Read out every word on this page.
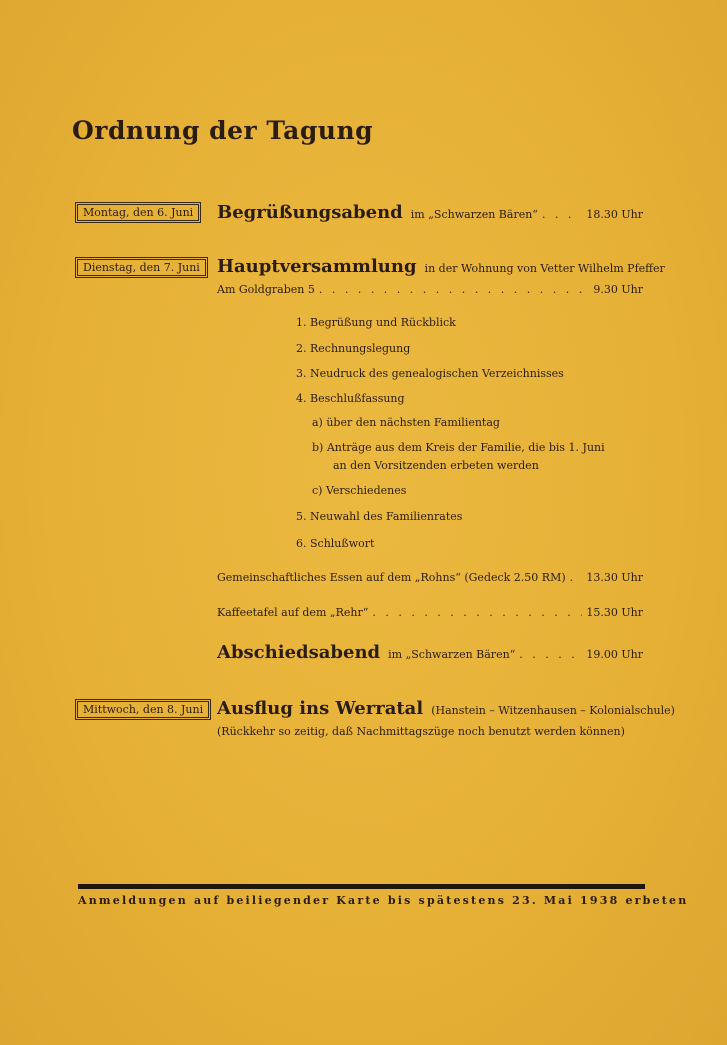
Ordnung der Tagung
Montag, den 6. Juni	Begrüßungsabend im „Schwarzen Bären“ . . .	18.30 Uhr
Dienstag, den 7. Juni Hauptversammlung in der Wohnung von Vetter Wilhelm Pfeffer
Am Goldgraben 5 . . .	9.30 Uhr
1. Begrüßung und Rückblick
2. Rechnungslegung
3. Neudruck des genealogischen Verzeichnisses
4. Beschlußfassung
a) über den nächsten Familientag
b) Anträge aus dem Kreis der Familie, die bis 1. Juni
an den Vorsitzenden erbeten werden
c) Verschiedenes
5. Neuwahl des Familienrates
6. Schlußwort
Gemeinschaftliches Essen auf dem „Rohns“ (Gedeck 2.50 RM) . . . 13.30 Uhr
Kaffeetafel auf dem „Rehr“ . . .	15.30 Uhr
Abschiedsabend im „Schwarzen Bären“ . . .	19.00 Uhr
Mittwoch, den 8. Juni Ausflug ins Werratal (Hanstein – Witzenhausen – Kolonialschule)
(Rückkehr so zeitig, daß Nachmittagszüge noch benutzt werden können)
Anmeldungen auf beiliegender Karte bis spätestens 23. Mai 1938 erbeten
